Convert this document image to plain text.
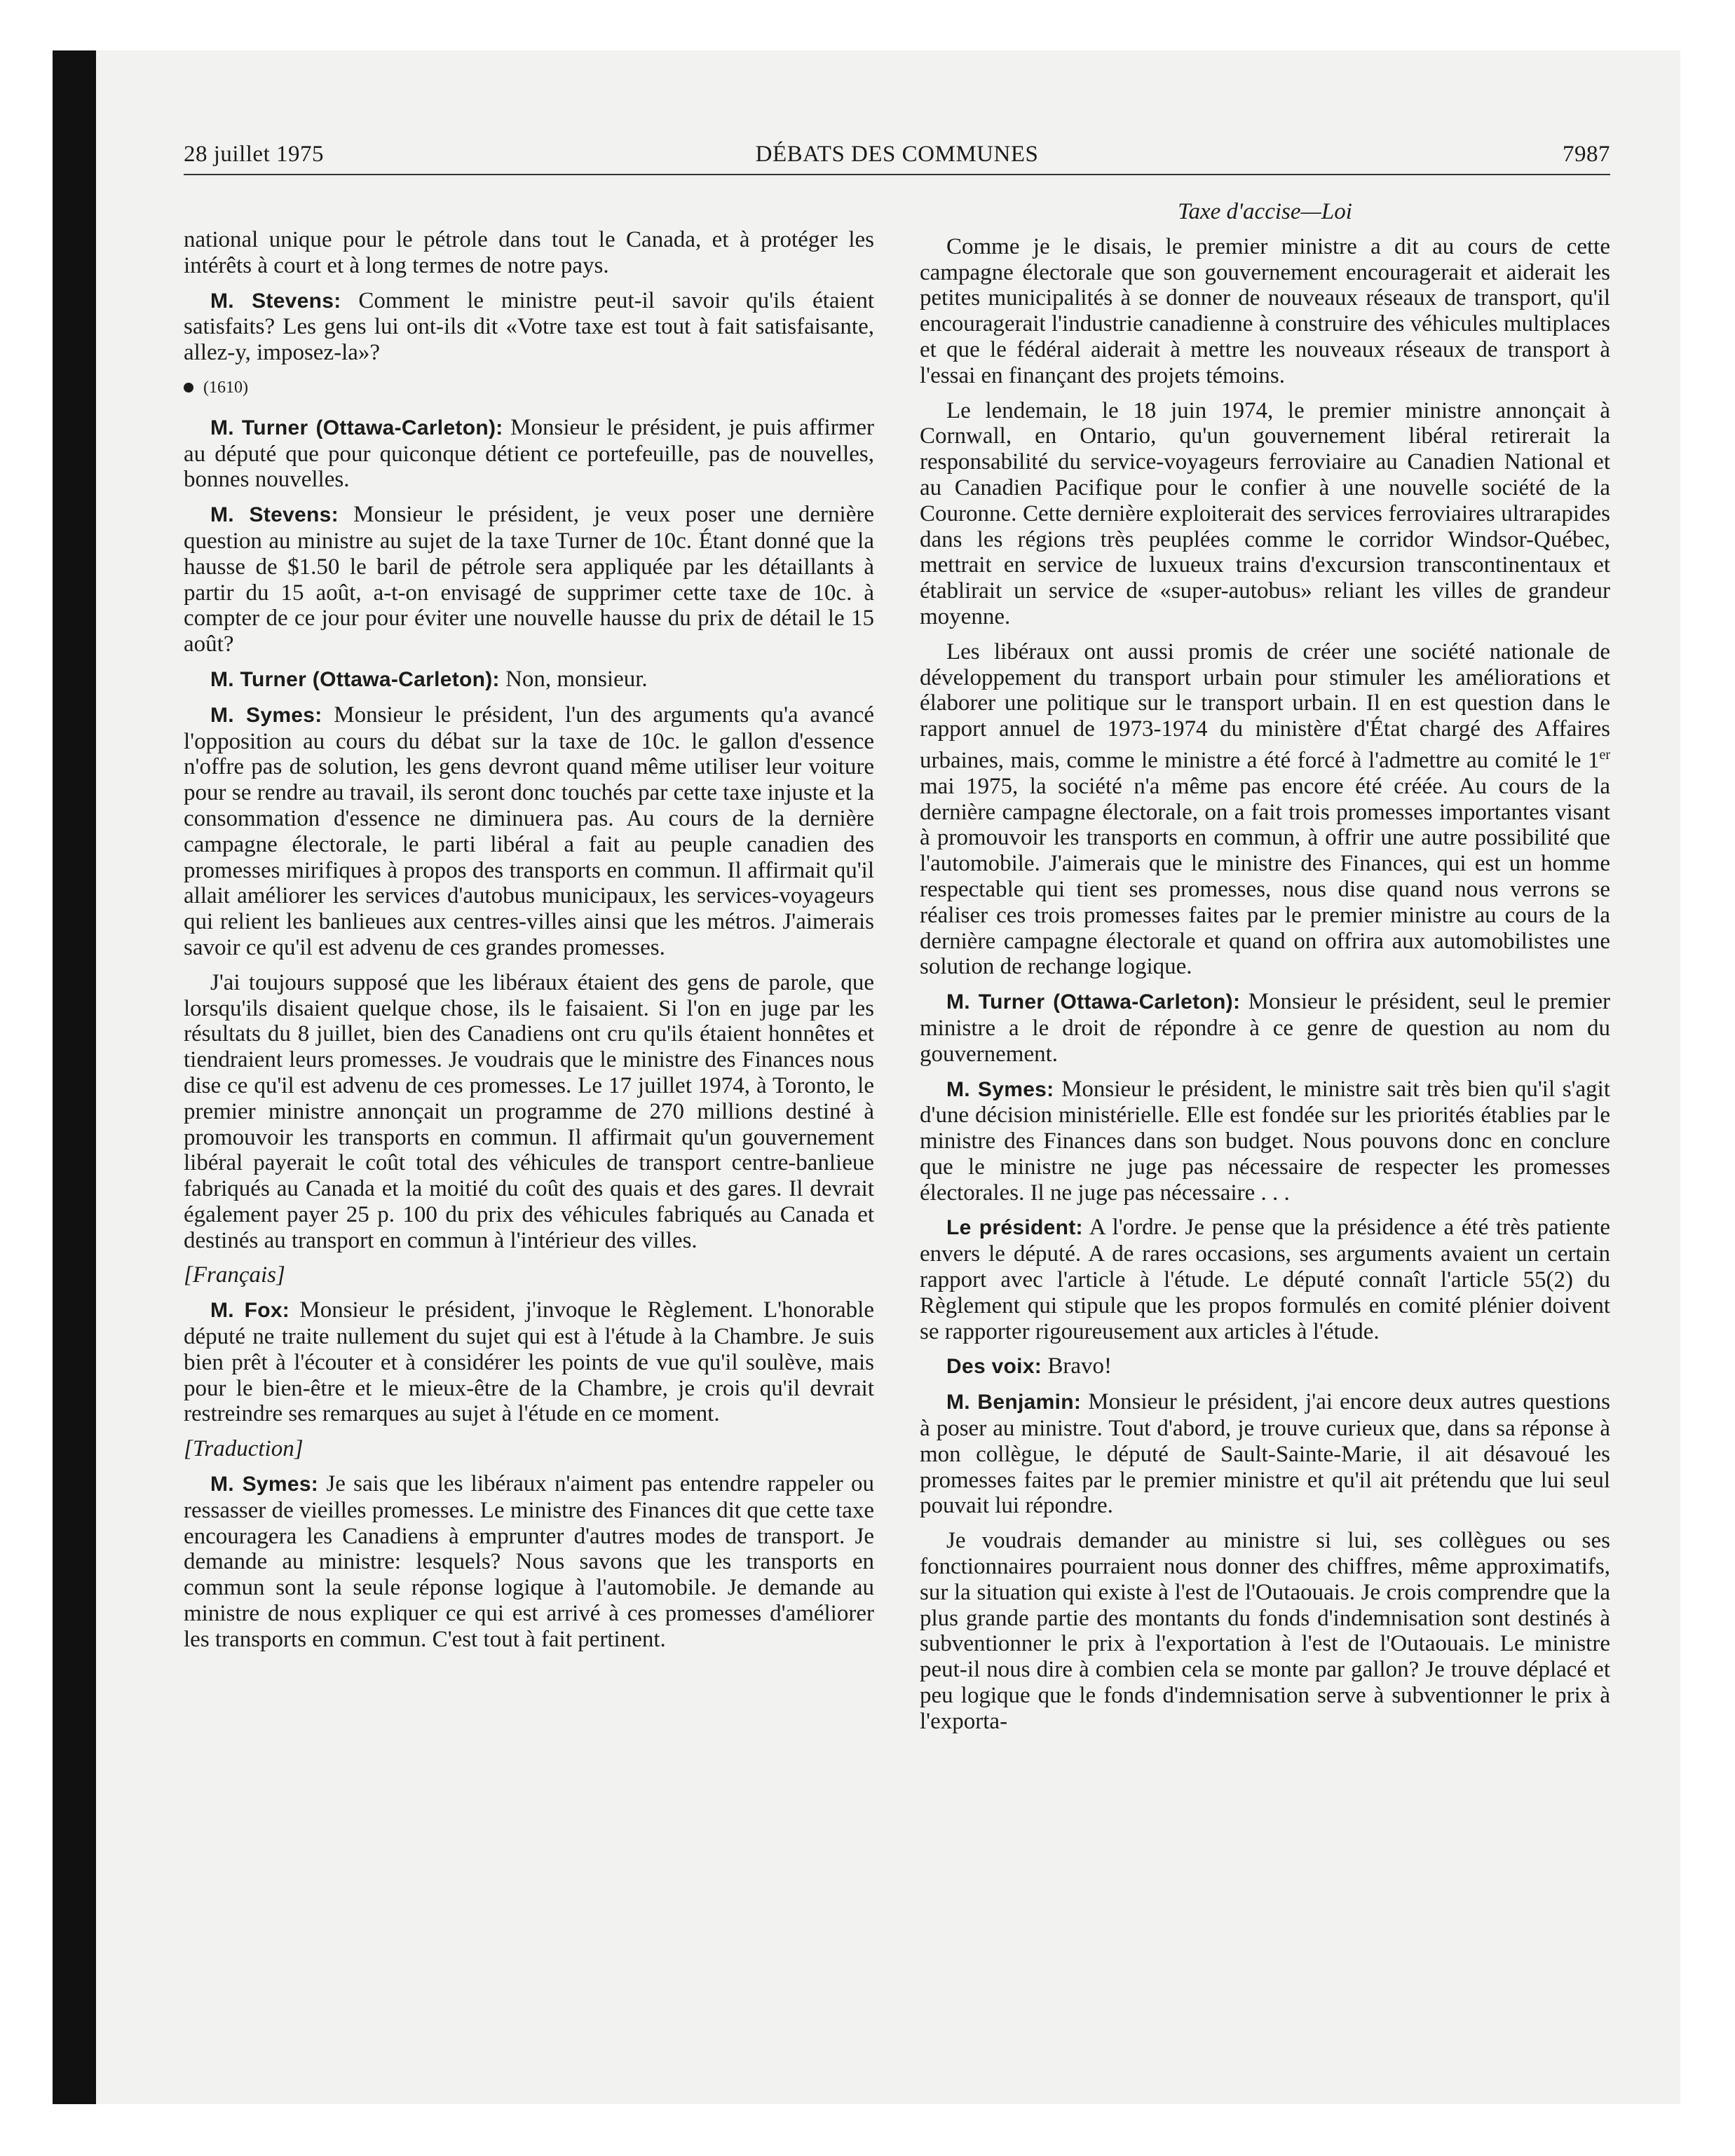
28 juillet 1975	DÉBATS DES COMMUNES	7987

national unique pour le pétrole dans tout le Canada, et à protéger les intérêts à court et à long termes de notre pays.

M. Stevens: Comment le ministre peut-il savoir qu'ils étaient satisfaits? Les gens lui ont-ils dit «Votre taxe est tout à fait satisfaisante, allez-y, imposez-la»?

(1610)

M. Turner (Ottawa-Carleton): Monsieur le président, je puis affirmer au député que pour quiconque détient ce portefeuille, pas de nouvelles, bonnes nouvelles.

M. Stevens: Monsieur le président, je veux poser une dernière question au ministre au sujet de la taxe Turner de 10c. Étant donné que la hausse de $1.50 le baril de pétrole sera appliquée par les détaillants à partir du 15 août, a-t-on envisagé de supprimer cette taxe de 10c. à compter de ce jour pour éviter une nouvelle hausse du prix de détail le 15 août?

M. Turner (Ottawa-Carleton): Non, monsieur.

M. Symes: Monsieur le président, l'un des arguments qu'a avancé l'opposition au cours du débat sur la taxe de 10c. le gallon d'essence n'offre pas de solution, les gens devront quand même utiliser leur voiture pour se rendre au travail, ils seront donc touchés par cette taxe injuste et la consommation d'essence ne diminuera pas. Au cours de la dernière campagne électorale, le parti libéral a fait au peuple canadien des promesses mirifiques à propos des transports en commun. Il affirmait qu'il allait améliorer les services d'autobus municipaux, les services-voyageurs qui relient les banlieues aux centres-villes ainsi que les métros. J'aimerais savoir ce qu'il est advenu de ces grandes promesses.

J'ai toujours supposé que les libéraux étaient des gens de parole, que lorsqu'ils disaient quelque chose, ils le faisaient. Si l'on en juge par les résultats du 8 juillet, bien des Canadiens ont cru qu'ils étaient honnêtes et tiendraient leurs promesses. Je voudrais que le ministre des Finances nous dise ce qu'il est advenu de ces promesses. Le 17 juillet 1974, à Toronto, le premier ministre annonçait un programme de 270 millions destiné à promouvoir les transports en commun. Il affirmait qu'un gouvernement libéral payerait le coût total des véhicules de transport centre-banlieue fabriqués au Canada et la moitié du coût des quais et des gares. Il devrait également payer 25 p. 100 du prix des véhicules fabriqués au Canada et destinés au transport en commun à l'intérieur des villes.

[Français]

M. Fox: Monsieur le président, j'invoque le Règlement. L'honorable député ne traite nullement du sujet qui est à l'étude à la Chambre. Je suis bien prêt à l'écouter et à considérer les points de vue qu'il soulève, mais pour le bien-être et le mieux-être de la Chambre, je crois qu'il devrait restreindre ses remarques au sujet à l'étude en ce moment.

[Traduction]

M. Symes: Je sais que les libéraux n'aiment pas entendre rappeler ou ressasser de vieilles promesses. Le ministre des Finances dit que cette taxe encouragera les Canadiens à emprunter d'autres modes de transport. Je demande au ministre: lesquels? Nous savons que les transports en commun sont la seule réponse logique à l'automobile. Je demande au ministre de nous expliquer ce qui est arrivé à ces promesses d'améliorer les transports en commun. C'est tout à fait pertinent.

Taxe d'accise—Loi

Comme je le disais, le premier ministre a dit au cours de cette campagne électorale que son gouvernement encouragerait et aiderait les petites municipalités à se donner de nouveaux réseaux de transport, qu'il encouragerait l'industrie canadienne à construire des véhicules multiplaces et que le fédéral aiderait à mettre les nouveaux réseaux de transport à l'essai en finançant des projets témoins.

Le lendemain, le 18 juin 1974, le premier ministre annonçait à Cornwall, en Ontario, qu'un gouvernement libéral retirerait la responsabilité du service-voyageurs ferroviaire au Canadien National et au Canadien Pacifique pour le confier à une nouvelle société de la Couronne. Cette dernière exploiterait des services ferroviaires ultrarapides dans les régions très peuplées comme le corridor Windsor-Québec, mettrait en service de luxueux trains d'excursion transcontinentaux et établirait un service de «super-autobus» reliant les villes de grandeur moyenne.

Les libéraux ont aussi promis de créer une société nationale de développement du transport urbain pour stimuler les améliorations et élaborer une politique sur le transport urbain. Il en est question dans le rapport annuel de 1973-1974 du ministère d'État chargé des Affaires urbaines, mais, comme le ministre a été forcé à l'admettre au comité le 1er mai 1975, la société n'a même pas encore été créée. Au cours de la dernière campagne électorale, on a fait trois promesses importantes visant à promouvoir les transports en commun, à offrir une autre possibilité que l'automobile. J'aimerais que le ministre des Finances, qui est un homme respectable qui tient ses promesses, nous dise quand nous verrons se réaliser ces trois promesses faites par le premier ministre au cours de la dernière campagne électorale et quand on offrira aux automobilistes une solution de rechange logique.

M. Turner (Ottawa-Carleton): Monsieur le président, seul le premier ministre a le droit de répondre à ce genre de question au nom du gouvernement.

M. Symes: Monsieur le président, le ministre sait très bien qu'il s'agit d'une décision ministérielle. Elle est fondée sur les priorités établies par le ministre des Finances dans son budget. Nous pouvons donc en conclure que le ministre ne juge pas nécessaire de respecter les promesses électorales. Il ne juge pas nécessaire . . .

Le président: A l'ordre. Je pense que la présidence a été très patiente envers le député. A de rares occasions, ses arguments avaient un certain rapport avec l'article à l'étude. Le député connaît l'article 55(2) du Règlement qui stipule que les propos formulés en comité plénier doivent se rapporter rigoureusement aux articles à l'étude.

Des voix: Bravo!

M. Benjamin: Monsieur le président, j'ai encore deux autres questions à poser au ministre. Tout d'abord, je trouve curieux que, dans sa réponse à mon collègue, le député de Sault-Sainte-Marie, il ait désavoué les promesses faites par le premier ministre et qu'il ait prétendu que lui seul pouvait lui répondre.

Je voudrais demander au ministre si lui, ses collègues ou ses fonctionnaires pourraient nous donner des chiffres, même approximatifs, sur la situation qui existe à l'est de l'Outaouais. Je crois comprendre que la plus grande partie des montants du fonds d'indemnisation sont destinés à subventionner le prix à l'exportation à l'est de l'Outaouais. Le ministre peut-il nous dire à combien cela se monte par gallon? Je trouve déplacé et peu logique que le fonds d'indemnisation serve à subventionner le prix à l'exporta-
